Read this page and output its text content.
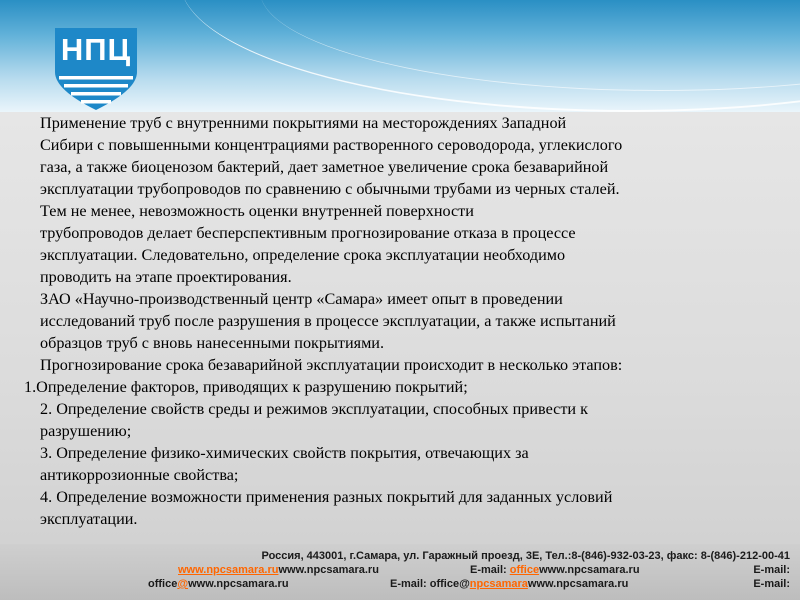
НПЦ

Применение труб с внутренними покрытиями на месторождениях Западной

Сибири с повышенными концентрациями растворенного сероводорода, углекислого

газа, а также биоценозом бактерий, дает заметное увеличение срока безаварийной

эксплуатации трубопроводов по сравнению с обычными трубами из черных сталей.

Тем не менее, невозможность оценки внутренней поверхности

трубопроводов делает бесперспективным прогнозирование отказа в процессе

эксплуатации. Следовательно, определение срока эксплуатации необходимо

проводить на этапе проектирования.

ЗАО «Научно-производственный центр «Самара» имеет опыт в проведении

исследований труб после разрушения в процессе эксплуатации, а также испытаний

образцов труб с вновь нанесенными покрытиями.

Прогнозирование срока безаварийной эксплуатации происходит в несколько этапов:

1.Определение факторов, приводящих к разрушению покрытий;

2. Определение свойств среды и режимов эксплуатации, способных привести к

разрушению;

3. Определение физико-химических свойств покрытия, отвечающих за

антикоррозионные свойства;

4. Определение возможности применения разных покрытий для заданных условий

эксплуатации.

Россия, 443001, г.Самара, ул. Гаражный проезд, 3Е, Тел.:8-(846)-932-03-23, факс: 8-(846)-212-00-41
www.npcsamara.ruwww.npcsamara.ru	E-mail: officewww.npcsamara.ru	E-mail:
office@www.npcsamara.ru	E-mail: office@npcsamarawww.npcsamara.ru	E-mail:
